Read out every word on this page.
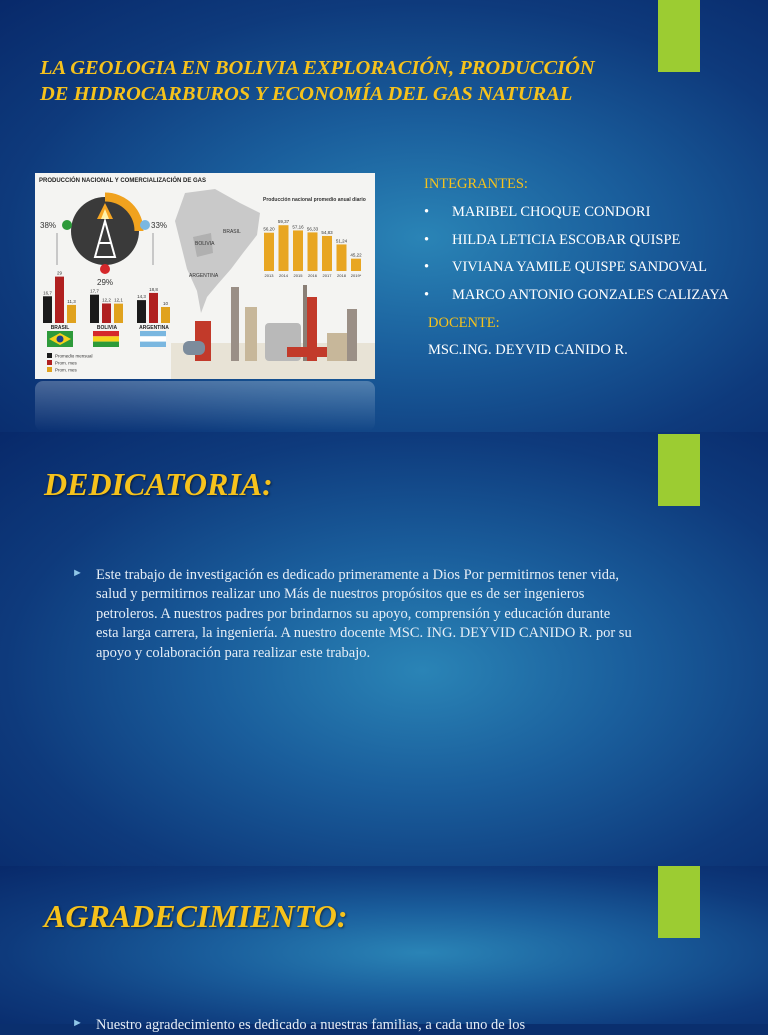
LA GEOLOGIA EN BOLIVIA EXPLORACIÓN, PRODUCCIÓN DE HIDROCARBUROS Y ECONOMÍA DEL GAS NATURAL
PRODUCCIÓN NACIONAL Y COMERCIALIZACIÓN DE GAS
38%	33%
29%
16,7
29
11,3
BRASIL
17,7
12,2 12,1
BOLIVIA
14,3
18,8
10
ARGENTINA
Promedio mensual
Prom. mes
Prom. mes
BRASIL
BOLIVIA
ARGENTINA
Producción nacional promedio anual diario
56,20
2013
59,37
2014
57,16
2015
56,33
2016
54,83
2017
51,24
2018
45,22
2019*

INTEGRANTES:

• MARIBEL CHOQUE CONDORI
• HILDA LETICIA ESCOBAR QUISPE
• VIVIANA YAMILE QUISPE SANDOVAL
• MARCO ANTONIO GONZALES CALIZAYA

DOCENTE:

MSC.ING. DEYVID CANIDO R.

DEDICATORIA:
► Este trabajo de investigación es dedicado primeramente a Dios Por permitirnos tener vida, salud y permitirnos realizar uno Más de nuestros propósitos que es de ser ingenieros petroleros. A nuestros padres por brindarnos su apoyo, comprensión y educación durante esta larga carrera, la ingeniería. A nuestro docente MSC. ING. DEYVID CANIDO R. por su apoyo y colaboración para realizar este trabajo.
AGRADECIMIENTO:
► Nuestro agradecimiento es dedicado a nuestras familias, a cada uno de los
